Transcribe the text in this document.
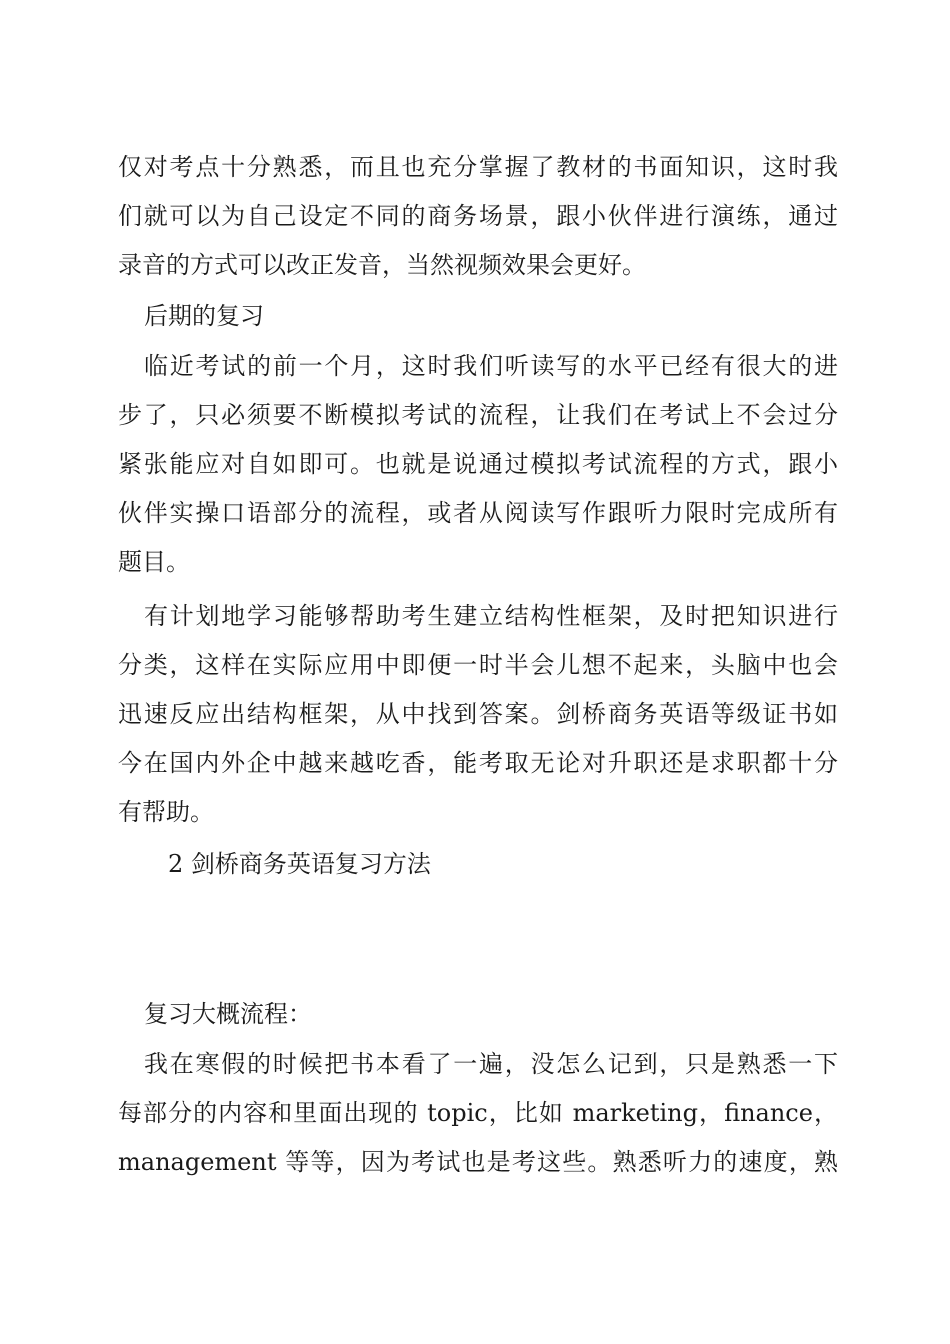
仅对考点十分熟悉，而且也充分掌握了教材的书面知识，这时我
们就可以为自己设定不同的商务场景，跟小伙伴进行演练，通过
录音的方式可以改正发音，当然视频效果会更好。
后期的复习
临近考试的前一个月，这时我们听读写的水平已经有很大的进
步了，只必须要不断模拟考试的流程，让我们在考试上不会过分
紧张能应对自如即可。也就是说通过模拟考试流程的方式，跟小
伙伴实操口语部分的流程，或者从阅读写作跟听力限时完成所有
题目。
有计划地学习能够帮助考生建立结构性框架，及时把知识进行
分类，这样在实际应用中即便一时半会儿想不起来，头脑中也会
迅速反应出结构框架，从中找到答案。剑桥商务英语等级证书如
今在国内外企中越来越吃香，能考取无论对升职还是求职都十分
有帮助。
2 剑桥商务英语复习方法
复习大概流程：
我在寒假的时候把书本看了一遍，没怎么记到，只是熟悉一下
每部分的内容和里面出现的 topic，比如 marketing，finance，
management 等等，因为考试也是考这些。熟悉听力的速度，熟
